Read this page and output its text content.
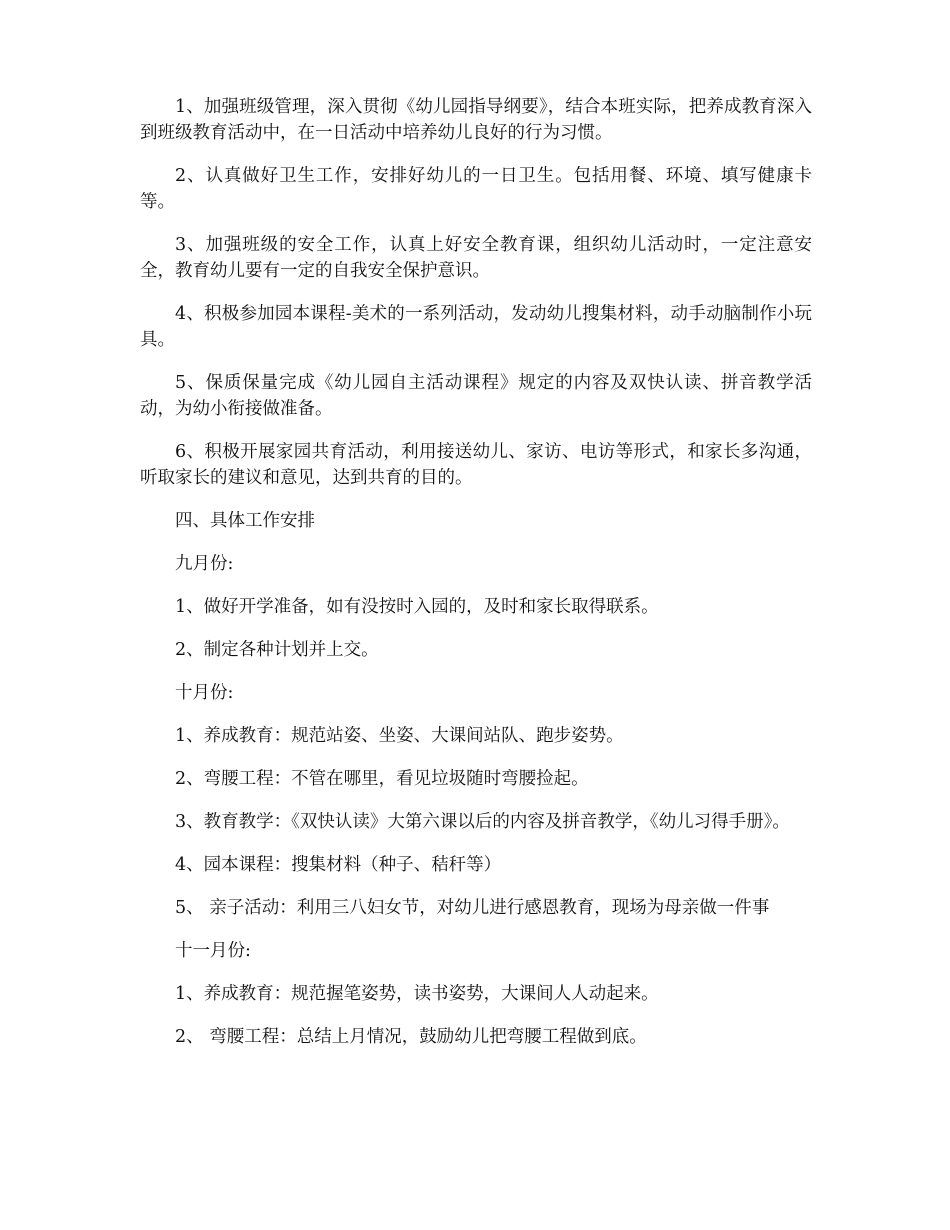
1、加强班级管理，深入贯彻《幼儿园指导纲要》，结合本班实际，把养成教育深入到班级教育活动中，在一日活动中培养幼儿良好的行为习惯。

2、认真做好卫生工作，安排好幼儿的一日卫生。包括用餐、环境、填写健康卡等。

3、加强班级的安全工作，认真上好安全教育课，组织幼儿活动时，一定注意安全，教育幼儿要有一定的自我安全保护意识。

4、积极参加园本课程-美术的一系列活动，发动幼儿搜集材料，动手动脑制作小玩具。

5、保质保量完成《幼儿园自主活动课程》规定的内容及双快认读、拼音教学活动，为幼小衔接做准备。

6、积极开展家园共育活动，利用接送幼儿、家访、电访等形式，和家长多沟通，听取家长的建议和意见，达到共育的目的。

四、具体工作安排

九月份:

1、做好开学准备，如有没按时入园的，及时和家长取得联系。

2、制定各种计划并上交。

十月份:

1、养成教育：规范站姿、坐姿、大课间站队、跑步姿势。

2、弯腰工程：不管在哪里，看见垃圾随时弯腰捡起。

3、教育教学：《双快认读》大第六课以后的内容及拼音教学，《幼儿习得手册》。

4、园本课程：搜集材料（种子、秸秆等）

5、 亲子活动：利用三八妇女节，对幼儿进行感恩教育，现场为母亲做一件事

十一月份:

1、养成教育：规范握笔姿势，读书姿势，大课间人人动起来。

2、 弯腰工程：总结上月情况，鼓励幼儿把弯腰工程做到底。
